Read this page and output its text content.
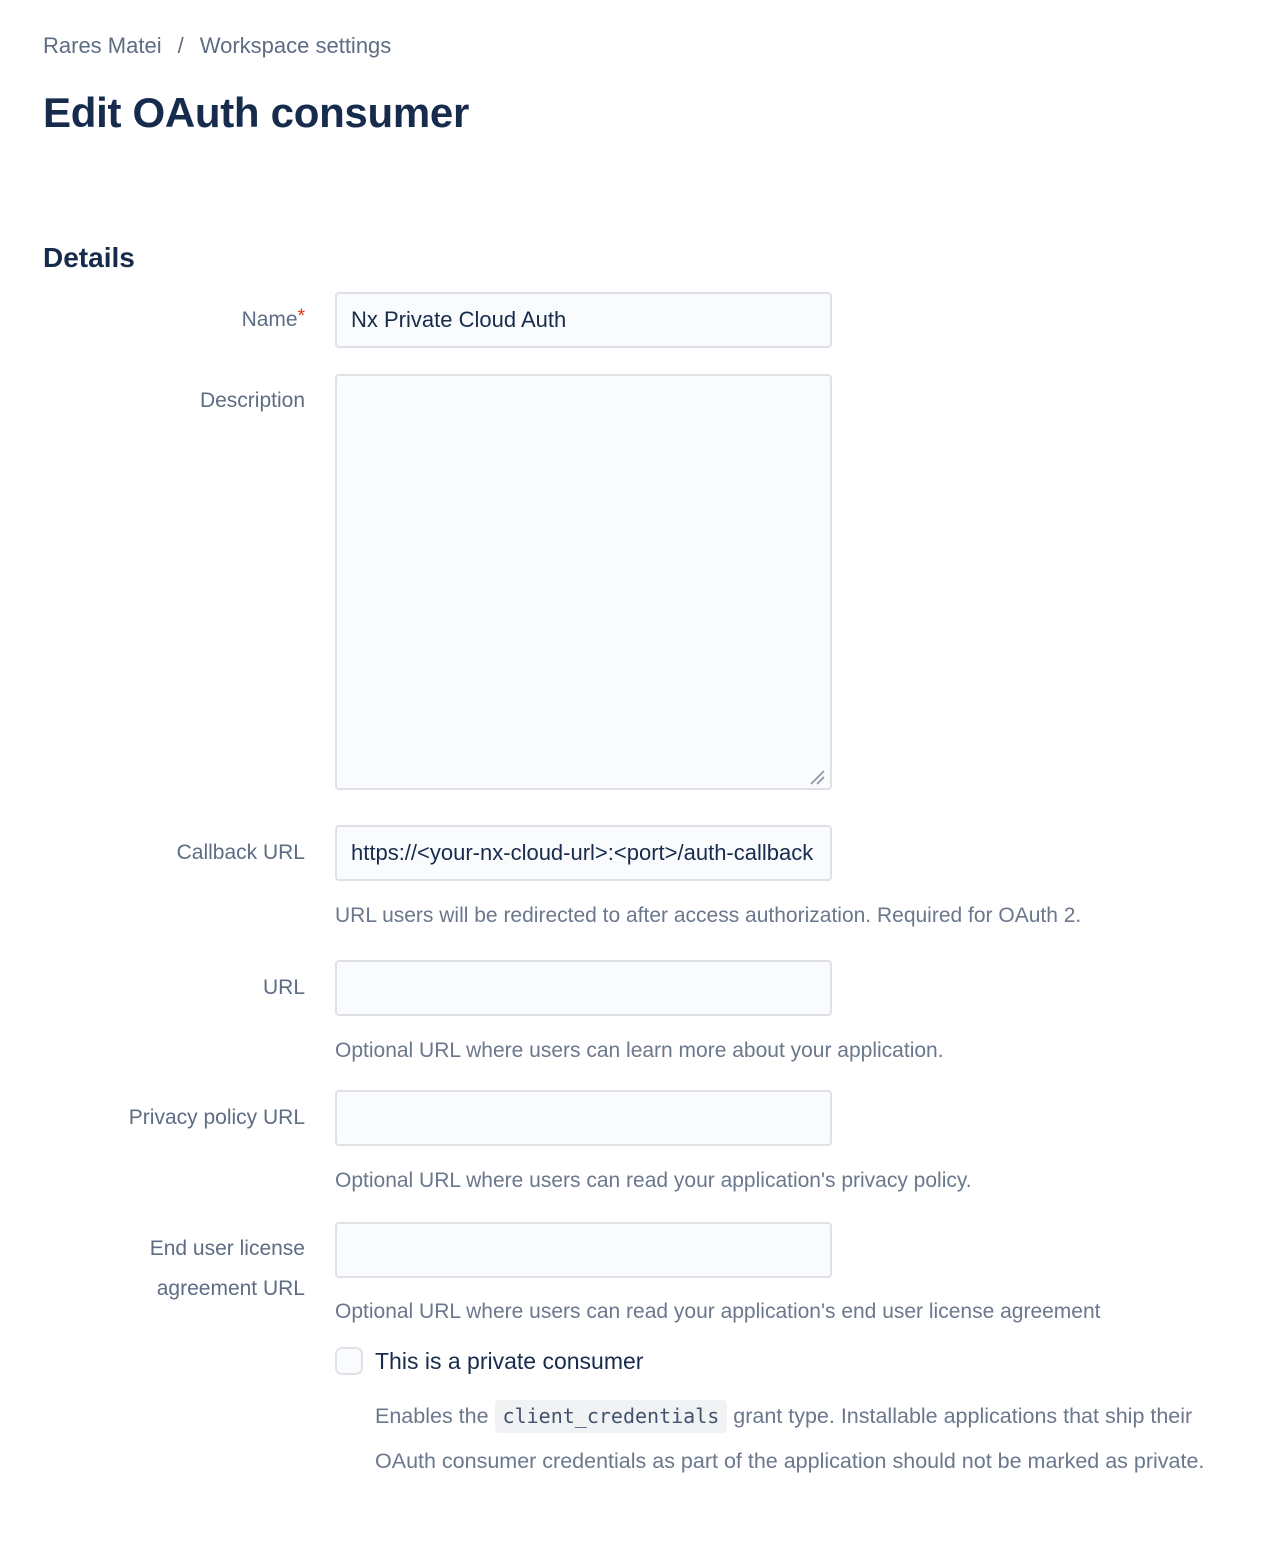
Rares Matei / Workspace settings
Edit OAuth consumer
Details
Name*
Nx Private Cloud Auth
Description
Callback URL
https://<your-nx-cloud-url>:<port>/auth-callback
URL users will be redirected to after access authorization. Required for OAuth 2.
URL
Optional URL where users can learn more about your application.
Privacy policy URL
Optional URL where users can read your application's privacy policy.
End user license
agreement URL
Optional URL where users can read your application's end user license agreement
This is a private consumer

Enables the client_credentials grant type. Installable applications that ship their OAuth consumer credentials as part of the application should not be marked as private.
